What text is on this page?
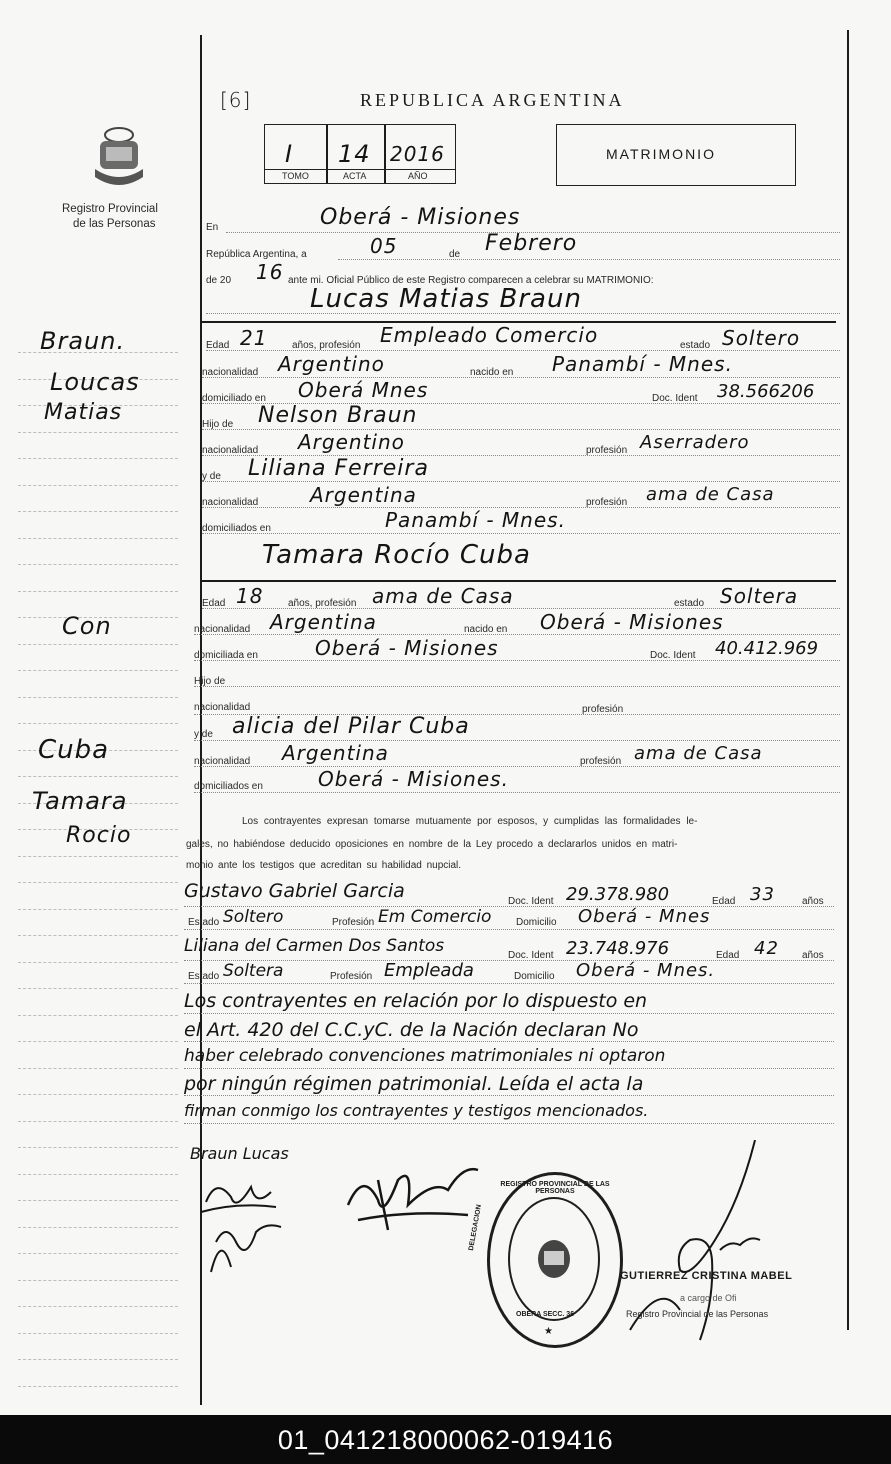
Registro Provincial
de las Personas
[6]	REPUBLICA ARGENTINA
I 14 2016
TOMO	ACTA	AÑO
MATRIMONIO
En	Oberá - Misiones
República Argentina, a	05	de Febrero
de 20 16 ante mi. Oficial Público de este Registro comparecen a celebrar su MATRIMONIO:
Lucas Matias Braun
Braun.
Loucas
Matias
Con
Cuba
Tamara
Rocio
Edad 21 años, profesión Empleado Comercio	estado Soltero
nacionalidad Argentino	nacido en Panambí - Mnes.
domiciliado en Oberá Mnes	Doc. Ident 38.566206
Hijo de Nelson Braun
nacionalidad Argentino	profesión Aserradero
y de Liliana Ferreira
nacionalidad	Argentina	profesión ama de Casa
domiciliados en	Panambí - Mnes.
Tamara Rocío Cuba
Edad 18 años, profesión ama de Casa	estado Soltera
nacionalidad Argentina	nacido en Oberá - Misiones
domiciliada en	Oberá - Misiones	Doc. Ident 40.412.969
Hijo de
nacionalidad	profesión
y de alicia del Pilar Cuba
nacionalidad Argentina	profesión ama de Casa
domiciliados en	Oberá - Misiones.
Los contrayentes expresan tomarse mutuamente por esposos, y cumplidas las formalidades le-
gales, no habiéndose deducido oposiciones en nombre de la Ley procedo a declararlos unidos en matri-
monio ante los testigos que acreditan su habilidad nupcial.
Gustavo Gabriel Garcia	Doc. Ident 29.378.980	Edad 33	años
Estado Soltero	Profesión Em Comercio Domicilio Oberá - Mnes
Liliana del Carmen Dos Santos	Doc. Ident 23.748.976	Edad 42 años
Estado Soltera	Profesión Empleada	Domicilio Oberá - Mnes.
Los contrayentes en relación por lo dispuesto en
el Art. 420 del C.C.yC. de la Nación declaran No
haber celebrado convenciones matrimoniales ni optaron
por ningún régimen patrimonial. Leída el acta la
firman conmigo los contrayentes y testigos mencionados.
Braun Lucas
REGISTRO PROVINCIAL DE LAS PERSONAS
OBERA SECC. 36
DELEGACION
★
GUTIERREZ CRISTINA MABEL
a cargo de Ofi
Registro Provincial de las Personas
01_041218000062-019416
